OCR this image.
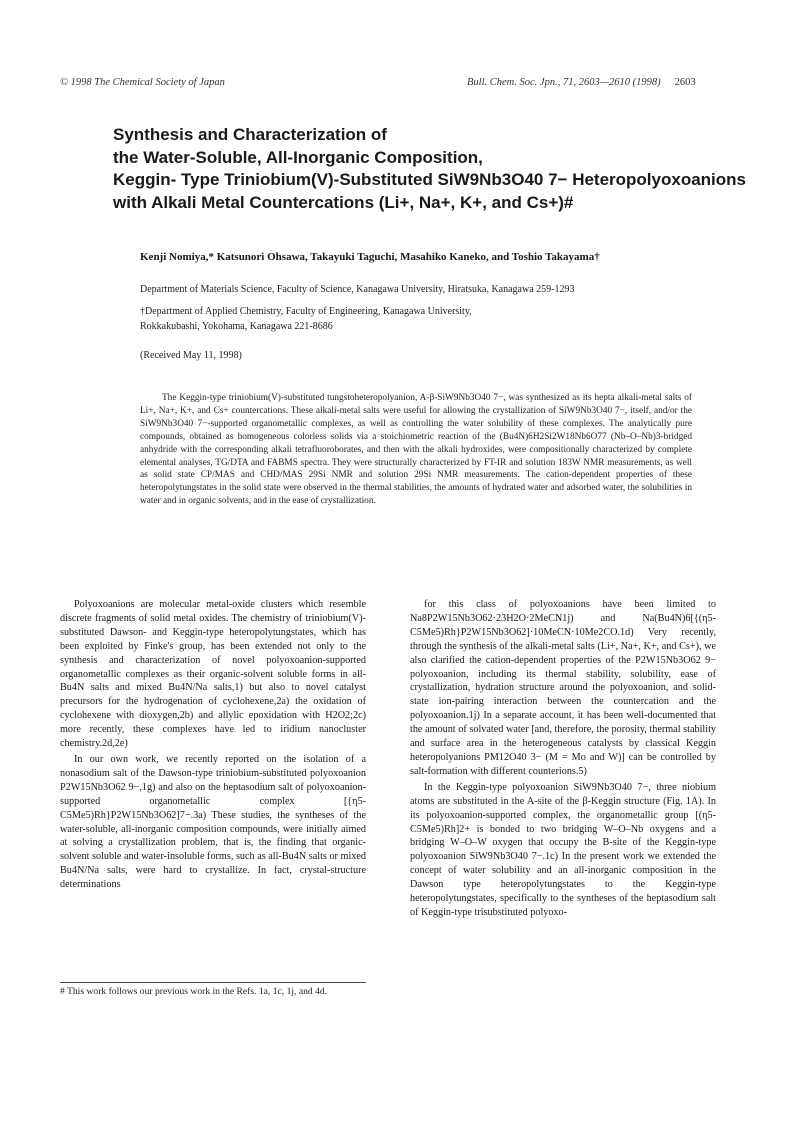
© 1998 The Chemical Society of Japan	Bull. Chem. Soc. Jpn., 71, 2603—2610 (1998) 2603
Synthesis and Characterization of
the Water-Soluble, All-Inorganic Composition,
Keggin- Type Triniobium(V)-Substituted SiW9Nb3O40 7− Heteropolyoxoanions
with Alkali Metal Countercations (Li+, Na+, K+, and Cs+)#
Kenji Nomiya,* Katsunori Ohsawa, Takayuki Taguchi, Masahiko Kaneko, and Toshio Takayama†
Department of Materials Science, Faculty of Science, Kanagawa University, Hiratsuka, Kanagawa 259-1293
†Department of Applied Chemistry, Faculty of Engineering, Kanagawa University,
Rokkakubashi, Yokohama, Kanagawa 221-8686
(Received May 11, 1998)

The Keggin-type triniobium(V)-substituted tungstoheteropolyanion, A-β-SiW9Nb3O40 7−, was synthesized as its hepta alkali-metal salts of Li+, Na+, K+, and Cs+ countercations. These alkali-metal salts were useful for allowing the crystallization of SiW9Nb3O40 7−, itself, and/or the SiW9Nb3O40 7−-supported organometallic complexes, as well as controlling the water solubility of these complexes. The analytically pure compounds, obtained as homogeneous colorless solids via a stoichiometric reaction of the (Bu4N)6H2Si2W18Nb6O77 (Nb–O–Nb)3-bridged anhydride with the corresponding alkali tetrafluoroborates, and then with the alkali hydroxides, were compositionally characterized by complete elemental analyses, TG/DTA and FABMS spectra. They were structurally characterized by FT-IR and solution 183W NMR measurements, as well as solid state CP/MAS and CHD/MAS 29Si NMR and solution 29Si NMR measurements. The cation-dependent properties of these heteropolytungstates in the solid state were observed in the thermal stabilities, the amounts of hydrated water and adsorbed water, the solubilities in water and in organic solvents, and in the ease of crystallization.

Polyoxoanions are molecular metal-oxide clusters which resemble discrete fragments of solid metal oxides. The chemistry of triniobium(V)-substituted Dawson- and Keggin-type heteropolytungstates, which has been exploited by Finke's group, has been extended not only to the synthesis and characterization of novel polyoxoanion-supported organometallic complexes as their organic-solvent soluble forms in all-Bu4N salts and mixed Bu4N/Na salts,1) but also to novel catalyst precursors for the hydrogenation of cyclohexene,2a) the oxidation of cyclohexene with dioxygen,2b) and allylic epoxidation with H2O2;2c) more recently, these complexes have led to iridium nanocluster chemistry.2d,2e)

In our own work, we recently reported on the isolation of a nonasodium salt of the Dawson-type triniobium-substituted polyoxoanion P2W15Nb3O62 9−,1g) and also on the heptasodium salt of polyoxoanion-supported organometallic complex [{η5-C5Me5)Rh}P2W15Nb3O62]7−.3a) These studies, the syntheses of the water-soluble, all-inorganic composition compounds, were initially aimed at solving a crystallization problem, that is, the finding that organic-solvent soluble and water-insoluble forms, such as all-Bu4N salts or mixed Bu4N/Na salts, were hard to crystallize. In fact, crystal-structure determinations

# This work follows our previous work in the Refs. 1a, 1c, 1j, and 4d.

for this class of polyoxoanions have been limited to Na8P2W15Nb3O62·23H2O·2MeCN1j) and Na(Bu4N)6[{(η5-C5Me5)Rh}P2W15Nb3O62]·10MeCN·10Me2CO.1d) Very recently, through the synthesis of the alkali-metal salts (Li+, Na+, K+, and Cs+), we also clarified the cation-dependent properties of the P2W15Nb3O62 9− polyoxoanion, including its thermal stability, solubility, ease of crystallization, hydration structure around the polyoxoanion, and solid-state ion-pairing interaction between the countercation and the polyoxoanion.1j) In a separate account, it has been well-documented that the amount of solvated water [and, therefore, the porosity, thermal stability and surface area in the heterogeneous catalysts by classical Keggin heteropolyanions PM12O40 3− (M = Mo and W)] can be controlled by salt-formation with different counterions.5)

In the Keggin-type polyoxoanion SiW9Nb3O40 7−, three niobium atoms are substituted in the A-site of the β-Keggin structure (Fig. 1A). In its polyoxoanion-supported complex, the organometallic group [(η5-C5Me5)Rh]2+ is bonded to two bridging W–O–Nb oxygens and a bridging W–O–W oxygen that occupy the B-site of the Keggin-type polyoxoanion SiW9Nb3O40 7−.1c) In the present work we extended the concept of water solubility and an all-inorganic composition in the Dawson type heteropolytungstates to the Keggin-type heteropolytungstates, specifically to the syntheses of the heptasodium salt of Keggin-type trisubstituted polyoxo-
